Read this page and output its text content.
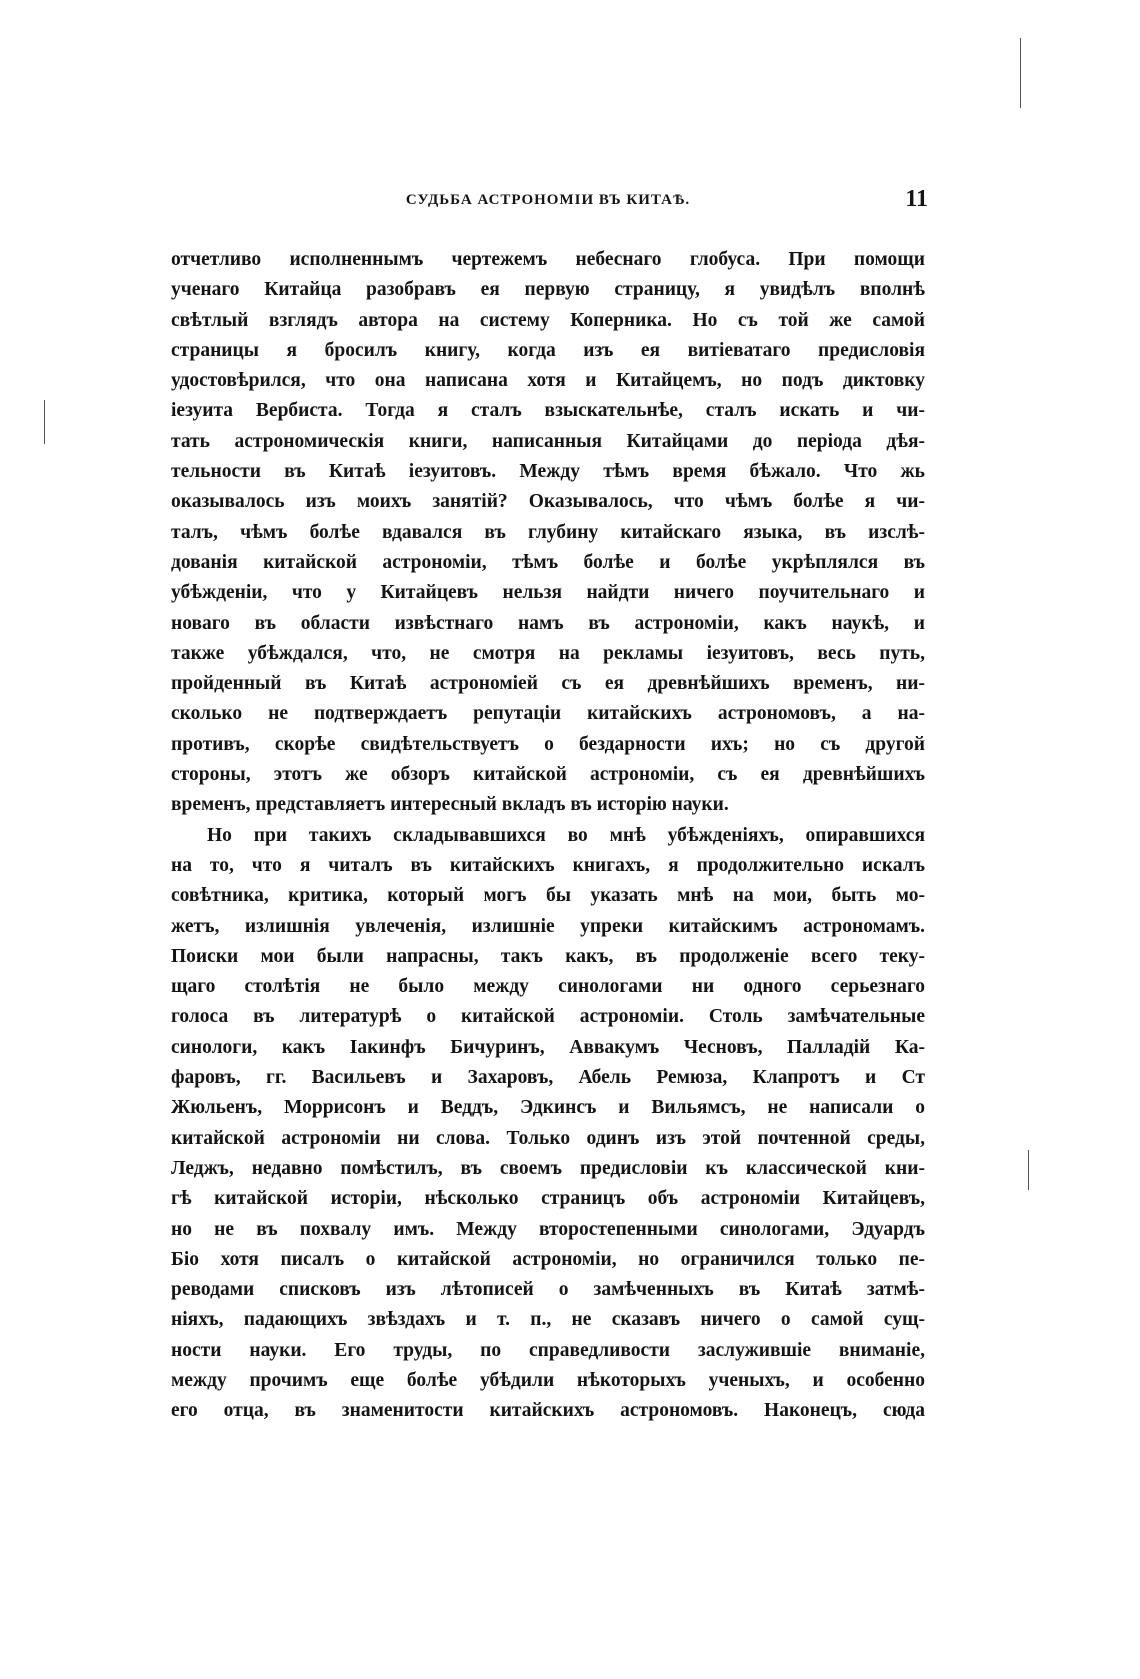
СУДЬБА АСТРОНОМIИ ВЪ КИТАѢ.	11
отчетливо исполненнымъ чертежемъ небеснаго глобуса. При помощи
ученаго Китайца разобравъ ея первую страницу, я увидѣлъ вполнѣ
свѣтлый взглядъ автора на систему Коперника. Но съ той же самой
страницы я бросилъ книгу, когда изъ ея витіеватаго предисловія
удостовѣрился, что она написана хотя и Китайцемъ, но подъ диктовку
іезуита Вербиста. Тогда я сталъ взыскательнѣе, сталъ искать и чи-
тать астрономическія книги, написанныя Китайцами до періода дѣя-
тельности въ Китаѣ іезуитовъ. Между тѣмъ время бѣжало. Что жь
оказывалось изъ моихъ занятій? Оказывалось, что чѣмъ болѣе я чи-
талъ, чѣмъ болѣе вдавался въ глубину китайскаго языка, въ изслѣ-
дованія китайской астрономіи, тѣмъ болѣе и болѣе укрѣплялся въ
убѣжденіи, что у Китайцевъ нельзя найдти ничего поучительнаго и
новаго въ области извѣстнаго намъ въ астрономіи, какъ наукѣ, и
также убѣждался, что, не смотря на рекламы іезуитовъ, весь путь,
пройденный въ Китаѣ астрономіей съ ея древнѣйшихъ временъ, ни-
сколько не подтверждаетъ репутаціи китайскихъ астрономовъ, а на-
противъ, скорѣе свидѣтельствуетъ о бездарности ихъ; но съ другой
стороны, этотъ же обзоръ китайской астрономіи, съ ея древнѣйшихъ
временъ, представляетъ интересный вкладъ въ исторію науки.
Но при такихъ складывавшихся во мнѣ убѣжденіяхъ, опиравшихся
на то, что я читалъ въ китайскихъ книгахъ, я продолжительно искалъ
совѣтника, критика, который могъ бы указать мнѣ на мои, быть мо-
жетъ, излишнія увлеченія, излишніе упреки китайскимъ астрономамъ.
Поиски мои были напрасны, такъ какъ, въ продолженіе всего теку-
щаго столѣтія не было между синологами ни одного серьезнаго
голоса въ литературѣ о китайской астрономіи. Столь замѣчательные
синологи, какъ Іакинфъ Бичуринъ, Аввакумъ Чесновъ, Палладій Ка-
фаровъ, гг. Васильевъ и Захаровъ, Абель Ремюза, Клапротъ и Ст
Жюльенъ, Моррисонъ и Веддъ, Эдкинсъ и Вильямсъ, не написали о
китайской астрономіи ни слова. Только одинъ изъ этой почтенной среды,
Леджъ, недавно помѣстилъ, въ своемъ предисловіи къ классической кни-
гѣ китайской исторіи, нѣсколько страницъ объ астрономіи Китайцевъ,
но не въ похвалу имъ. Между второстепенными синологами, Эдуардъ
Біо хотя писалъ о китайской астрономіи, но ограничился только пе-
реводами списковъ изъ лѣтописей о замѣченныхъ въ Китаѣ затмѣ-
ніяхъ, падающихъ звѣздахъ и т. п., не сказавъ ничего о самой сущ-
ности науки. Его труды, по справедливости заслужившіе вниманіе,
между прочимъ еще болѣе убѣдили нѣкоторыхъ ученыхъ, и особенно
его отца, въ знаменитости китайскихъ астрономовъ. Наконецъ, сюда
